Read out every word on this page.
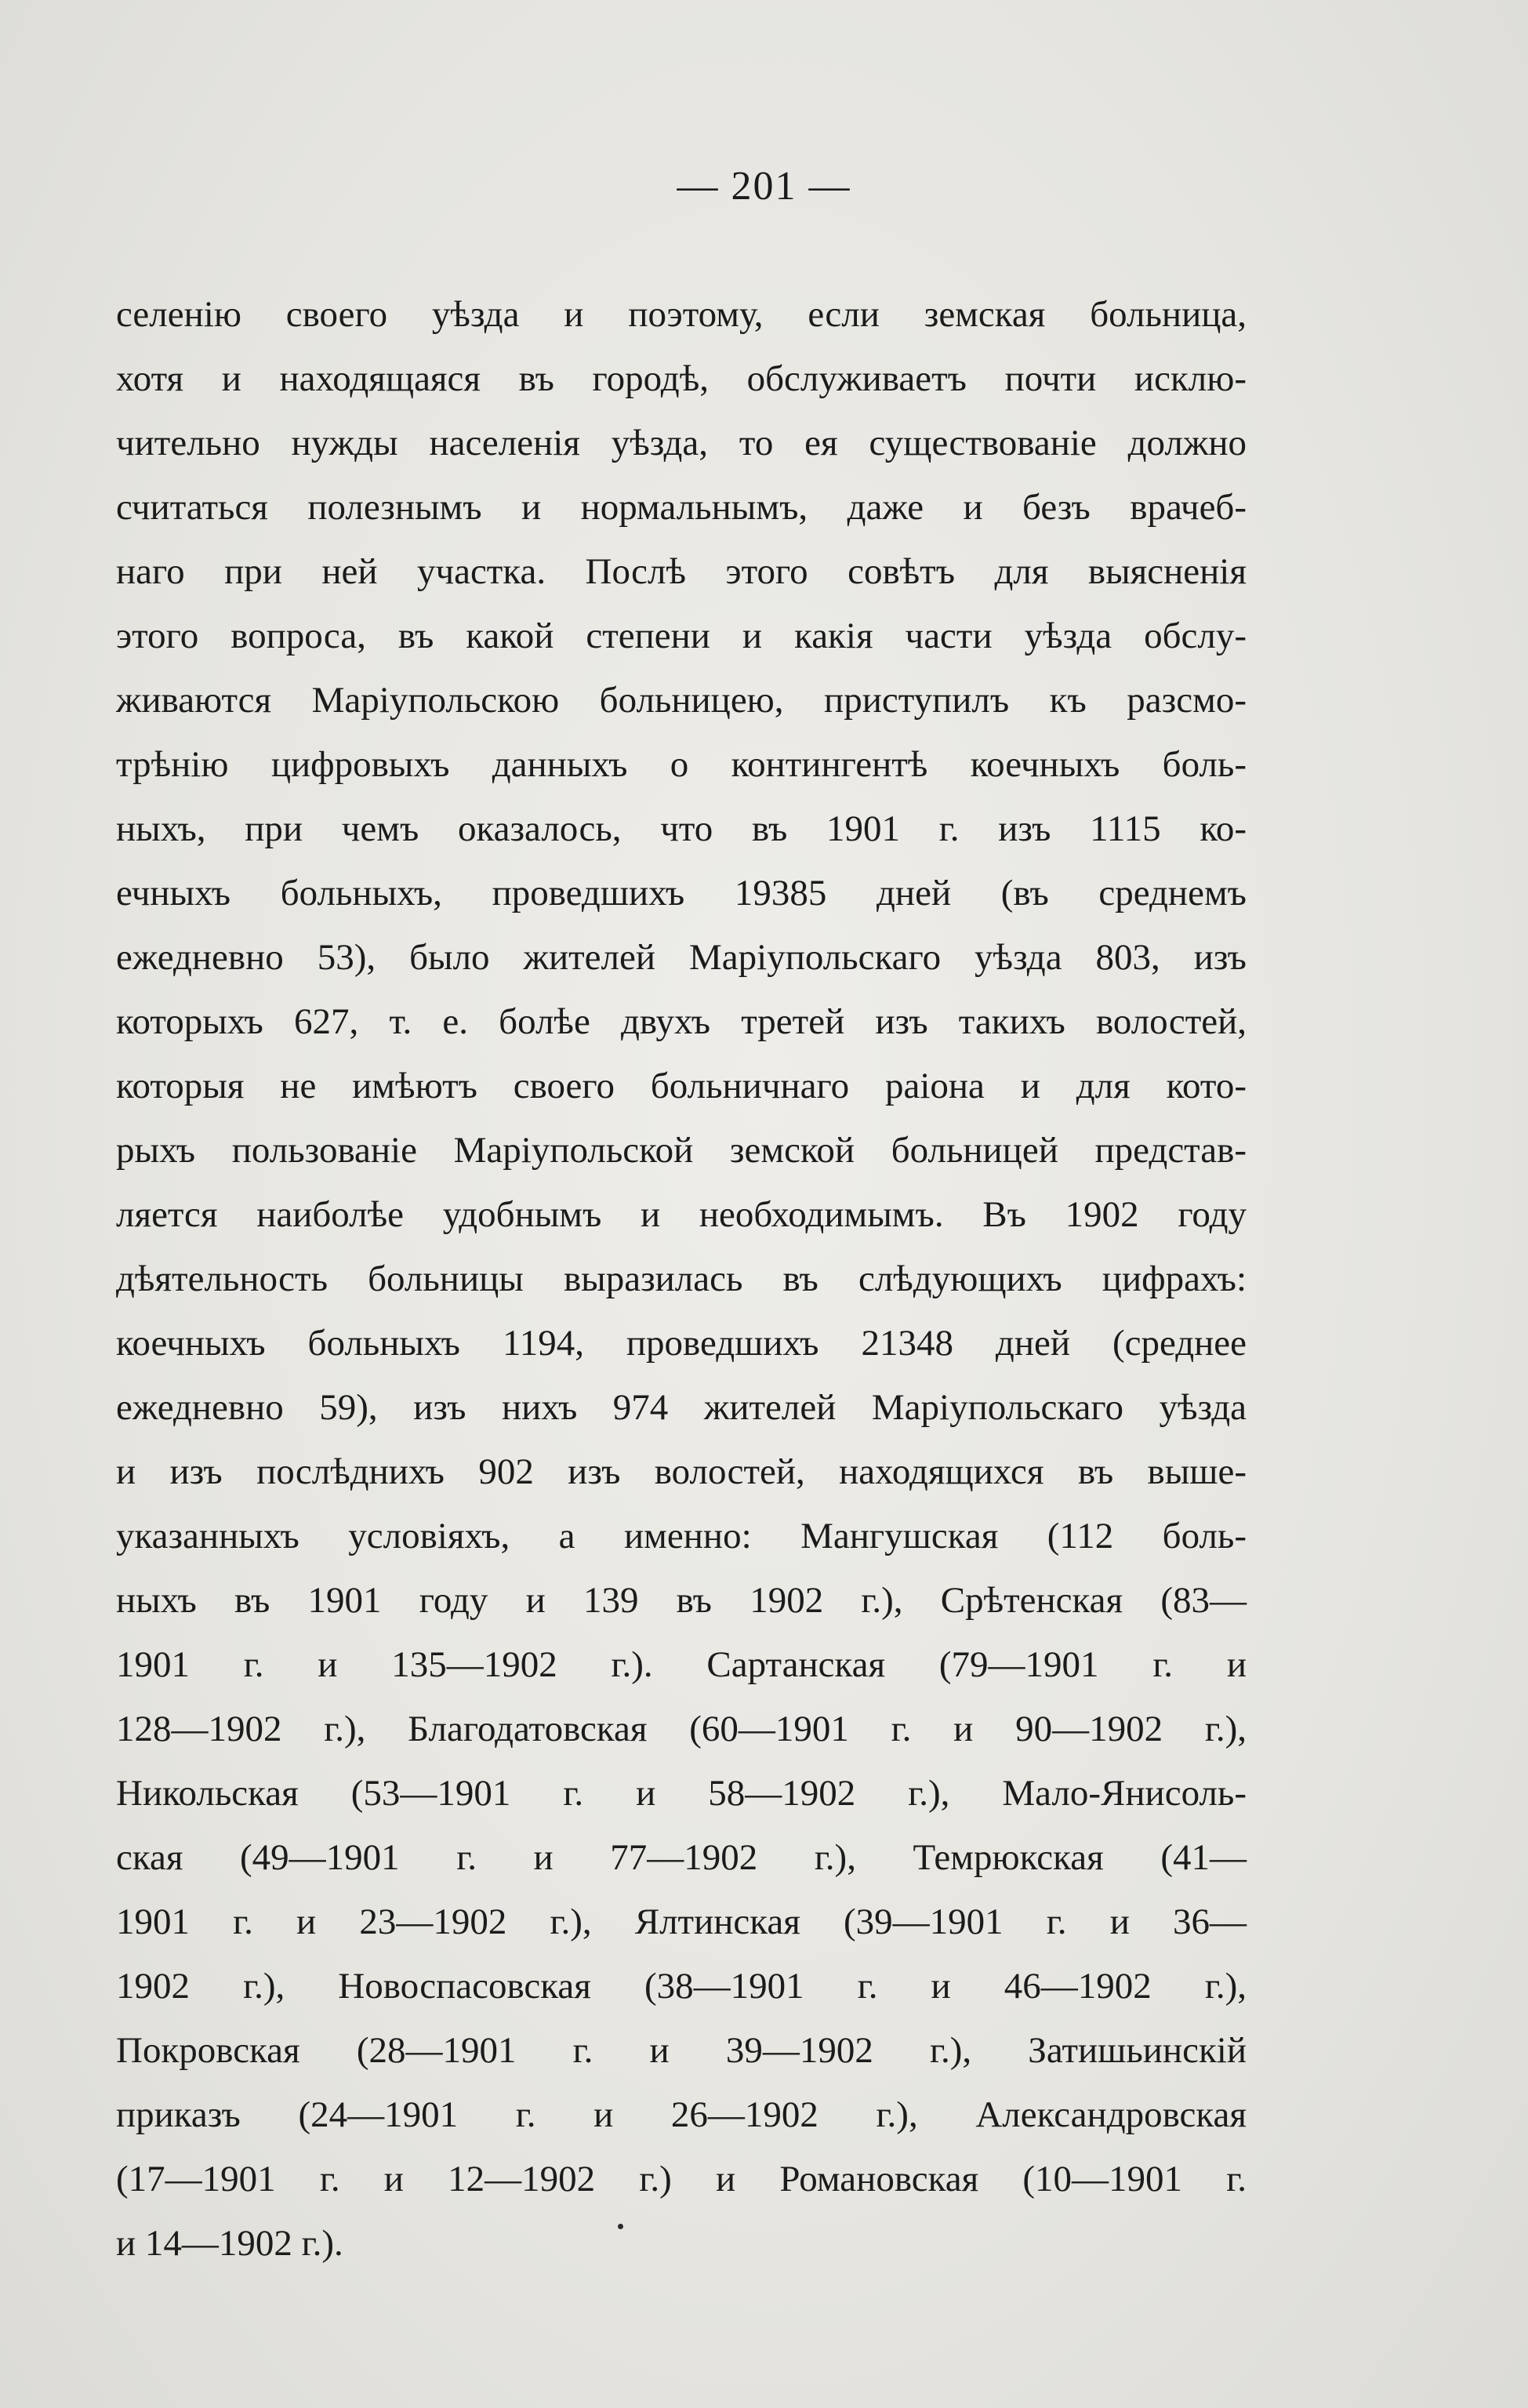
— 201 —
селенію своего уѣзда и поэтому, если земская больница,
хотя и находящаяся въ городѣ, обслуживаетъ почти исклю-
чительно нужды населенія уѣзда, то ея существованіе должно
считаться полезнымъ и нормальнымъ, даже и безъ врачеб-
наго при ней участка. Послѣ этого совѣтъ для выясненія
этого вопроса, въ какой степени и какія части уѣзда обслу-
живаются Маріупольскою больницею, приступилъ къ разсмо-
трѣнію цифровыхъ данныхъ о контингентѣ коечныхъ боль-
ныхъ, при чемъ оказалось, что въ 1901 г. изъ 1115 ко-
ечныхъ больныхъ, проведшихъ 19385 дней (въ среднемъ
ежедневно 53), было жителей Маріупольскаго уѣзда 803, изъ
которыхъ 627, т. е. болѣе двухъ третей изъ такихъ волостей,
которыя не имѣютъ своего больничнаго раіона и для кото-
рыхъ пользованіе Маріупольской земской больницей представ-
ляется наиболѣе удобнымъ и необходимымъ. Въ 1902 году
дѣятельность больницы выразилась въ слѣдующихъ цифрахъ:
коечныхъ больныхъ 1194, проведшихъ 21348 дней (среднее
ежедневно 59), изъ нихъ 974 жителей Маріупольскаго уѣзда
и изъ послѣднихъ 902 изъ волостей, находящихся въ выше-
указанныхъ условіяхъ, а именно: Мангушская (112 боль-
ныхъ въ 1901 году и 139 въ 1902 г.), Срѣтенская (83—
1901 г. и 135—1902 г.). Сартанская (79—1901 г. и
128—1902 г.), Благодатовская (60—1901 г. и 90—1902 г.),
Никольская (53—1901 г. и 58—1902 г.), Мало-Янисоль-
ская (49—1901 г. и 77—1902 г.), Темрюкская (41—
1901 г. и 23—1902 г.), Ялтинская (39—1901 г. и 36—
1902 г.), Новоспасовская (38—1901 г. и 46—1902 г.),
Покровская (28—1901 г. и 39—1902 г.), Затишьинскій
приказъ (24—1901 г. и 26—1902 г.), Александровская
(17—1901 г. и 12—1902 г.) и Романовская (10—1901 г.
и 14—1902 г.).
